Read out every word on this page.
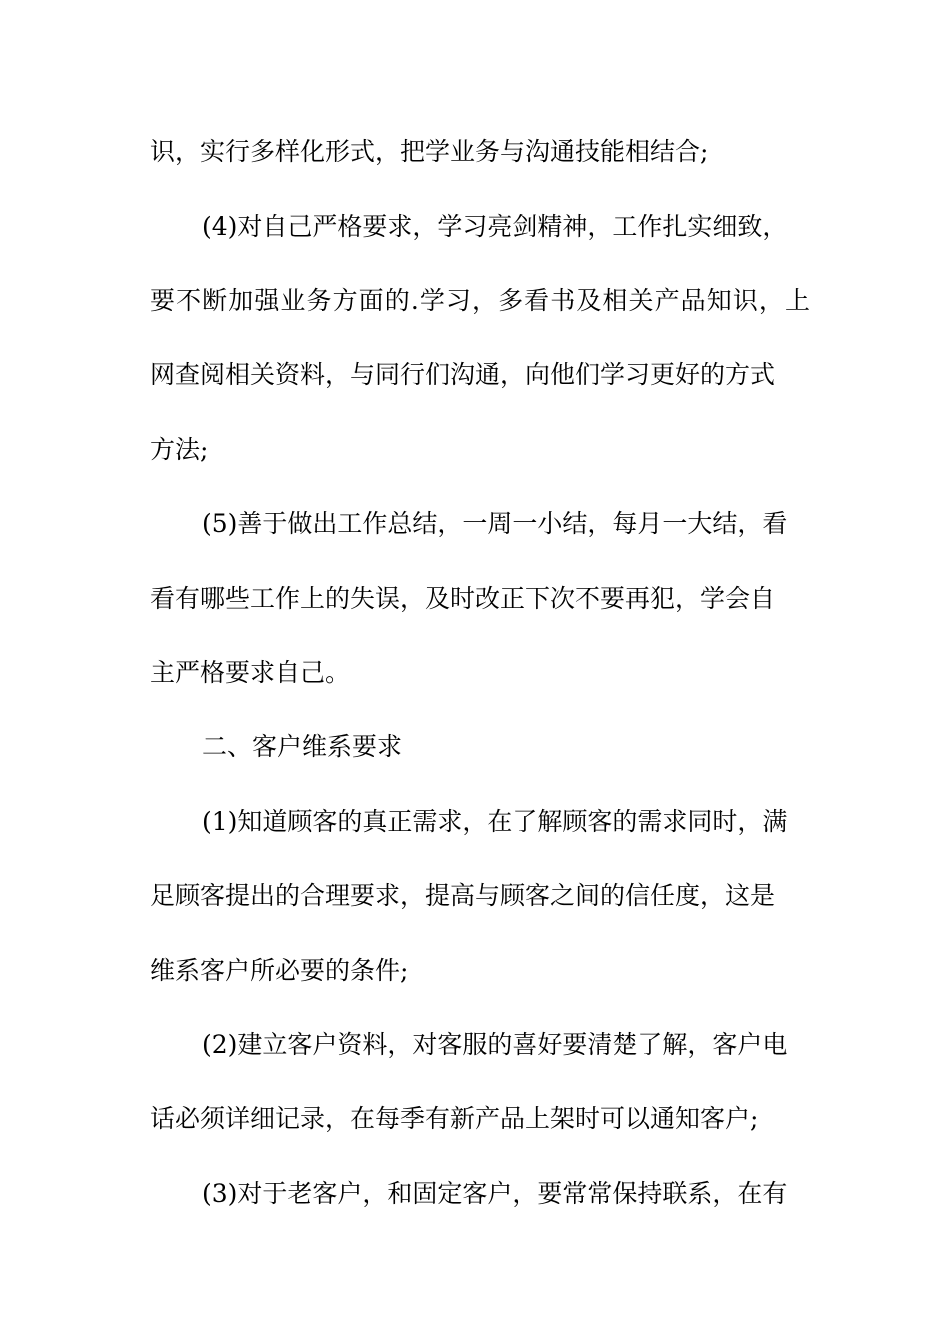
识，实行多样化形式，把学业务与沟通技能相结合;
(4)对自己严格要求，学习亮剑精神，工作扎实细致，
要不断加强业务方面的.学习，多看书及相关产品知识，上
网查阅相关资料，与同行们沟通，向他们学习更好的方式
方法;
(5)善于做出工作总结，一周一小结，每月一大结，看
看有哪些工作上的失误，及时改正下次不要再犯，学会自
主严格要求自己。
二、客户维系要求
(1)知道顾客的真正需求，在了解顾客的需求同时，满
足顾客提出的合理要求，提高与顾客之间的信任度，这是
维系客户所必要的条件;
(2)建立客户资料，对客服的喜好要清楚了解，客户电
话必须详细记录，在每季有新产品上架时可以通知客户;
(3)对于老客户，和固定客户，要常常保持联系，在有
